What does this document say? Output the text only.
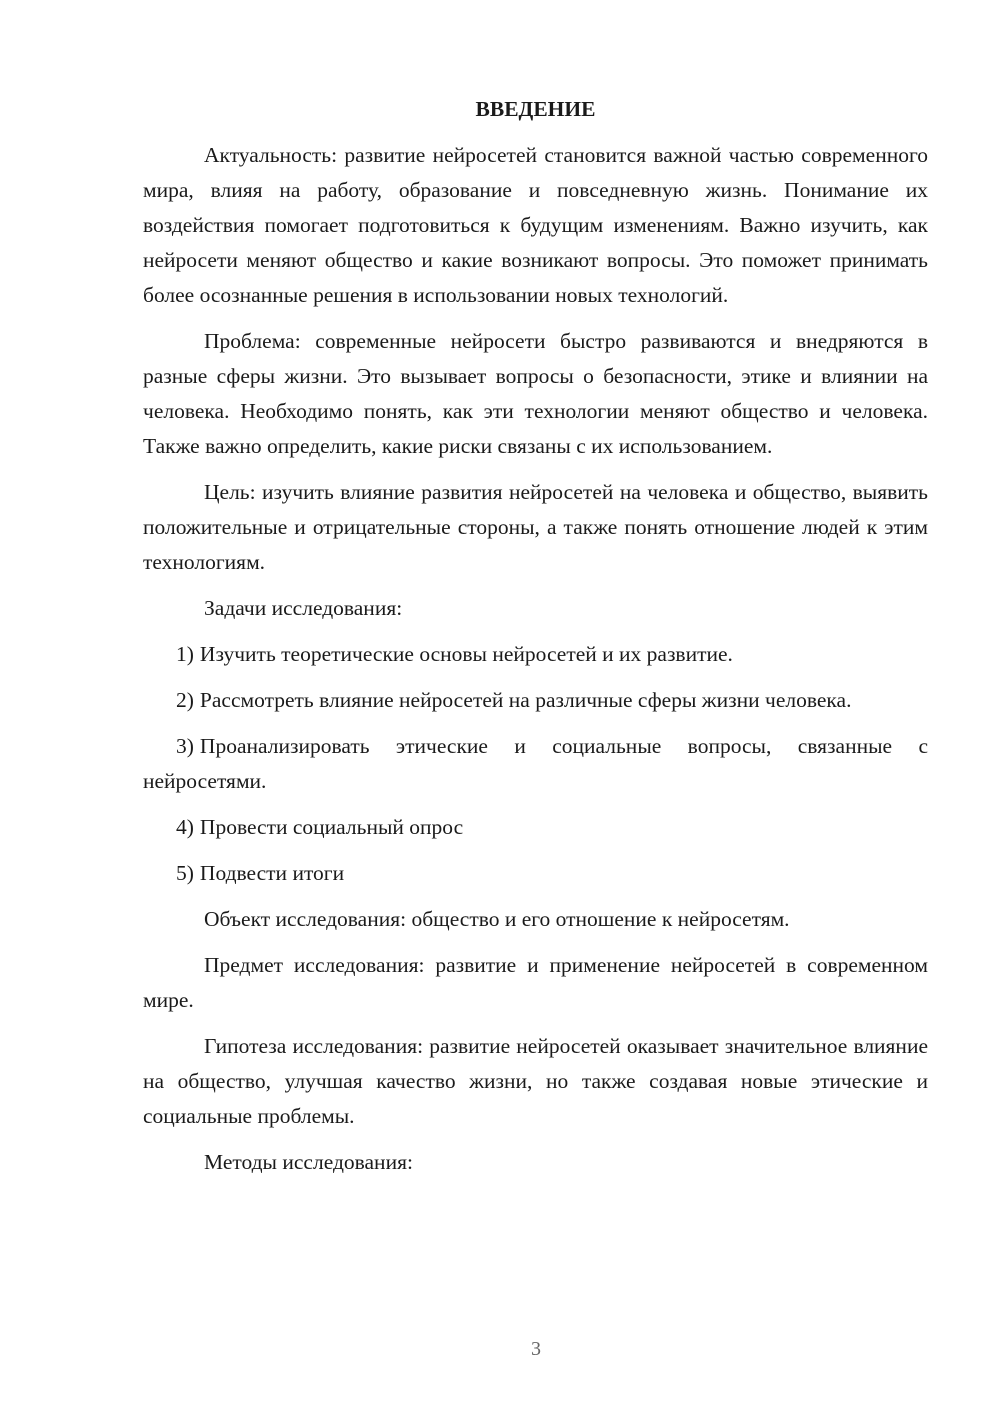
ВВЕДЕНИЕ

Актуальность: развитие нейросетей становится важной частью современного мира, влияя на работу, образование и повседневную жизнь. Понимание их воздействия помогает подготовиться к будущим изменениям. Важно изучить, как нейросети меняют общество и какие возникают вопросы. Это поможет принимать более осознанные решения в использовании новых технологий.

Проблема: современные нейросети быстро развиваются и внедряются в разные сферы жизни. Это вызывает вопросы о безопасности, этике и влиянии на человека. Необходимо понять, как эти технологии меняют общество и человека. Также важно определить, какие риски связаны с их использованием.

Цель: изучить влияние развития нейросетей на человека и общество, выявить положительные и отрицательные стороны, а также понять отношение людей к этим технологиям.

Задачи исследования:

1) Изучить теоретические основы нейросетей и их развитие.
2) Рассмотреть влияние нейросетей на различные сферы жизни человека.
3) Проанализировать этические и социальные вопросы, связанные с нейросетями.
4) Провести социальный опрос
5) Подвести итоги

Объект исследования: общество и его отношение к нейросетям.

Предмет исследования: развитие и применение нейросетей в современном мире.

Гипотеза исследования: развитие нейросетей оказывает значительное влияние на общество, улучшая качество жизни, но также создавая новые этические и социальные проблемы.

Методы исследования:

3
